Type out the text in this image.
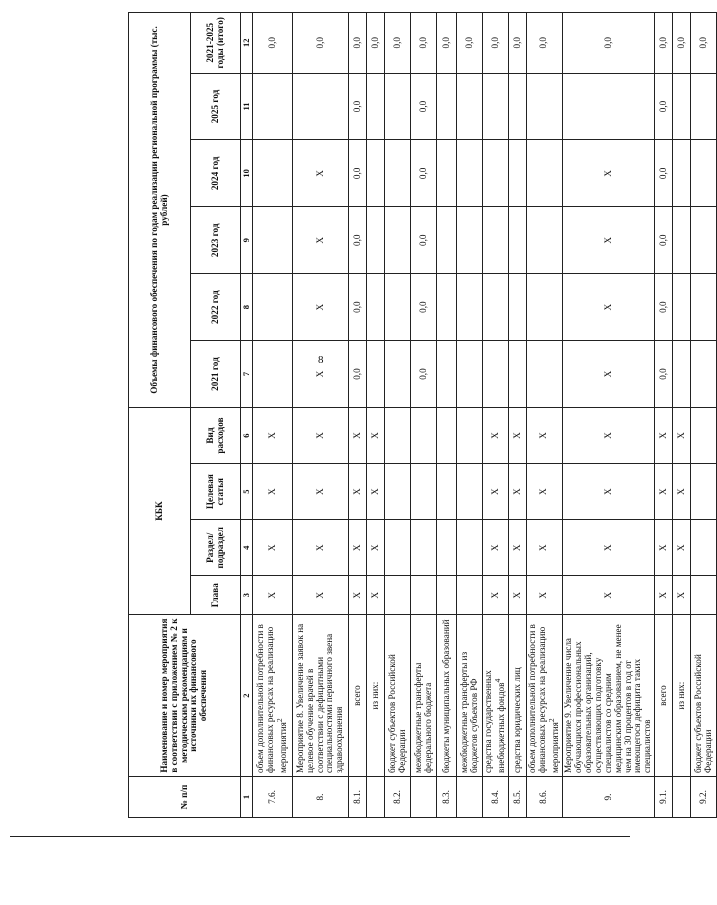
8
№ п/п	Наименование и номер мероприятия в соответствии с приложением № 2 к методическим рекомендациям и источники их финансового обеспечения	КБК				Объемы финансового обеспечения по годам реализации региональной программы (тыс. рублей)					
		Глава	Раздел/ подраздел	Целевая статья	Вид расходов	2021 год	2022 год	2023 год	2024 год	2025 год	2021-2025 годы (итого)
1	2	3	4	5	6	7	8	9	10	11	12
7.6.	объем дополнительной потребности в финансовых ресурсах на реализацию мероприятия$^2$	Х	Х	Х	Х						0,0
8.	Мероприятие 8. Увеличение заявок на целевое обучение врачей в соответствии с дефицитными специальностями первичного звена здравоохранения	Х	Х	Х	Х	Х	Х	Х	Х		0,0
8.1.	всего	Х	Х	Х	Х	0,0	0,0	0,0	0,0	0,0	0,0
	из них:	Х	Х	Х	Х						0,0
8.2.	бюджет субъектов Российской Федерации										0,0
	межбюджетные трансферты федерального бюджета					0,0	0,0	0,0	0,0	0,0	0,0
8.3.	бюджеты муниципальных образований										0,0
	межбюджетные трансферты из бюджетов субъектов РФ										0,0
8.4.	средства государственных внебюджетных фондов$^4$	Х	Х	Х	Х						0,0
8.5.	средства юридических лиц	Х	Х	Х	Х						0,0
8.6.	объем дополнительной потребности в финансовых ресурсах на реализацию мероприятия$^2$	Х	Х	Х	Х						0,0
9.	Мероприятие 9. Увеличение числа обучающихся профессиональных образовательных организаций, осуществляющих подготовку специалистов со средним медицинским образованием, не менее чем на 30 процентов в год от имеющегося дефицита таких специалистов	Х	Х	Х	Х	Х	Х	Х	Х		0,0
9.1.	всего	Х	Х	Х	Х	0,0	0,0	0,0	0,0	0,0	0,0
	из них:	Х	Х	Х	Х						0,0
9.2.	бюджет субъектов Российской Федерации										0,0
